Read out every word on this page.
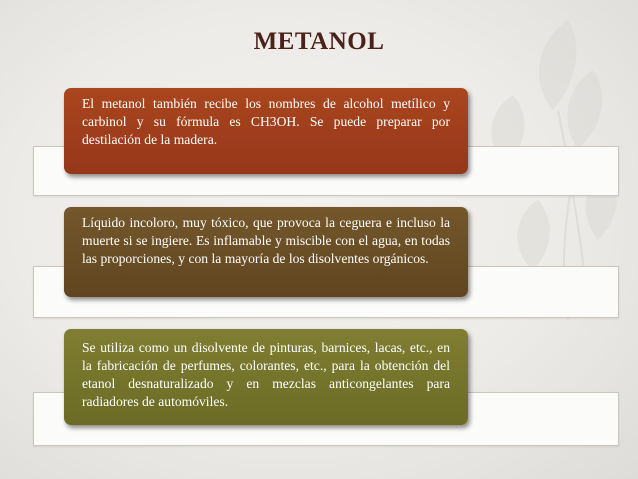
METANOL

El metanol también recibe los nombres de alcohol metílico y carbinol y su fórmula es CH3OH. Se puede preparar por destilación de la madera.

Líquido incoloro, muy tóxico, que provoca la ceguera e incluso la muerte si se ingiere. Es inflamable y miscible con el agua, en todas las proporciones, y con la mayoría de los disolventes orgánicos.

Se utiliza como un disolvente de pinturas, barnices, lacas, etc., en la fabricación de perfumes, colorantes, etc., para la obtención del etanol desnaturalizado y en mezclas anticongelantes para radiadores de automóviles.
